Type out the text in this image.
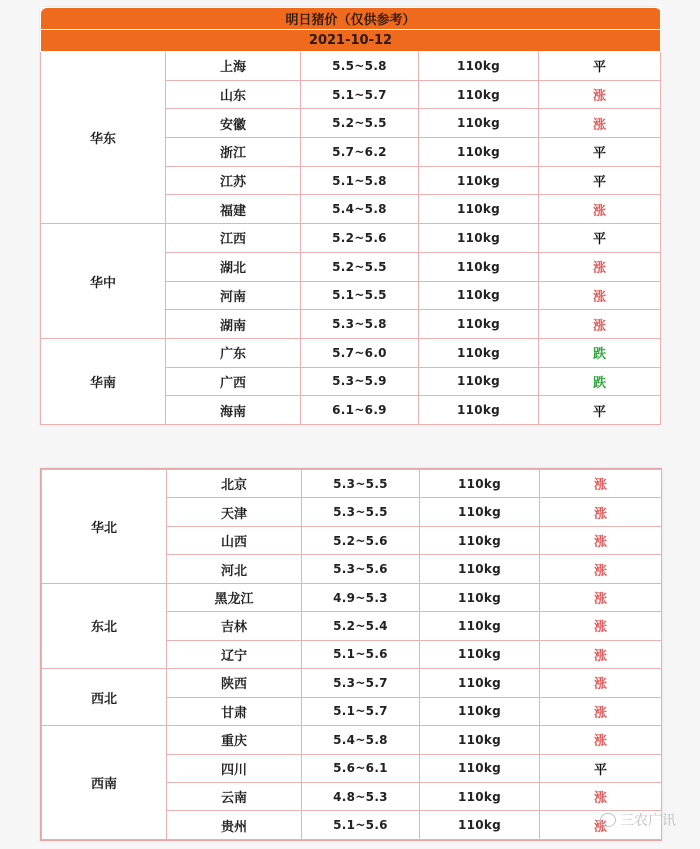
明日猪价（仅供参考）				
2021-10-12				
华东	上海	5.5~5.8	110kg	平
	山东	5.1~5.7	110kg	涨
	安徽	5.2~5.5	110kg	涨
	浙江	5.7~6.2	110kg	平
	江苏	5.1~5.8	110kg	平
	福建	5.4~5.8	110kg	涨
华中	江西	5.2~5.6	110kg	平
	湖北	5.2~5.5	110kg	涨
	河南	5.1~5.5	110kg	涨
	湖南	5.3~5.8	110kg	涨
华南	广东	5.7~6.0	110kg	跌
	广西	5.3~5.9	110kg	跌
	海南	6.1~6.9	110kg	平
华北	北京	5.3~5.5	110kg	涨
	天津	5.3~5.5	110kg	涨
	山西	5.2~5.6	110kg	涨
	河北	5.3~5.6	110kg	涨
东北	黑龙江	4.9~5.3	110kg	涨
	吉林	5.2~5.4	110kg	涨
	辽宁	5.1~5.6	110kg	涨
西北	陕西	5.3~5.7	110kg	涨
	甘肃	5.1~5.7	110kg	涨
西南	重庆	5.4~5.8	110kg	涨
	四川	5.6~6.1	110kg	平
	云南	4.8~5.3	110kg	涨
	贵州	5.1~5.6	110kg	涨 三农广讯
